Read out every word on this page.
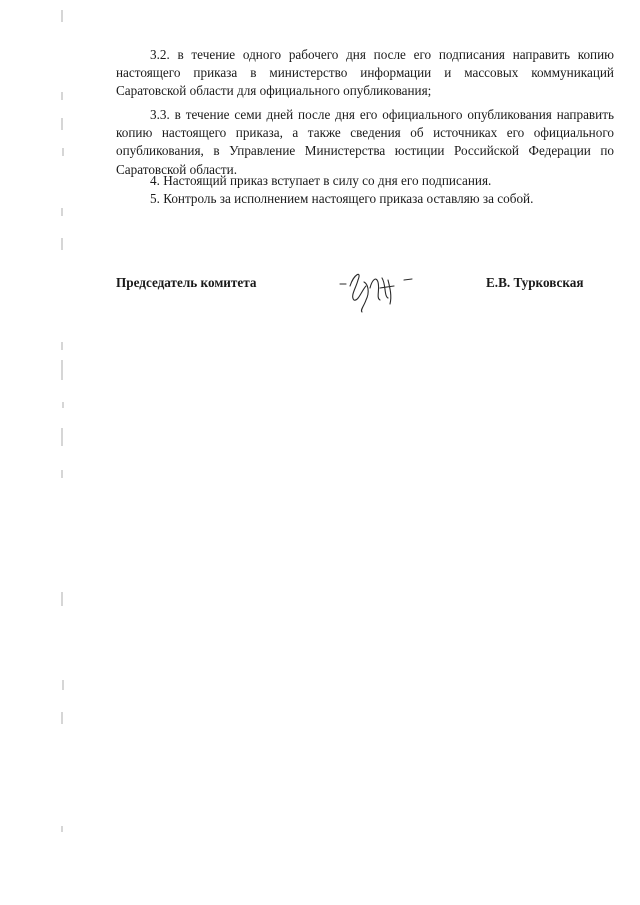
3.2. в течение одного рабочего дня после его подписания направить копию настоящего приказа в министерство информации и массовых коммуникаций Саратовской области для официального опубликования;

3.3. в течение семи дней после дня его официального опубликования направить копию настоящего приказа, а также сведения об источниках его официального опубликования, в Управление Министерства юстиции Российской Федерации по Саратовской области.

4. Настоящий приказ вступает в силу со дня его подписания.

5. Контроль за исполнением настоящего приказа оставляю за собой.

Председатель комитета	Е.В. Турковская
